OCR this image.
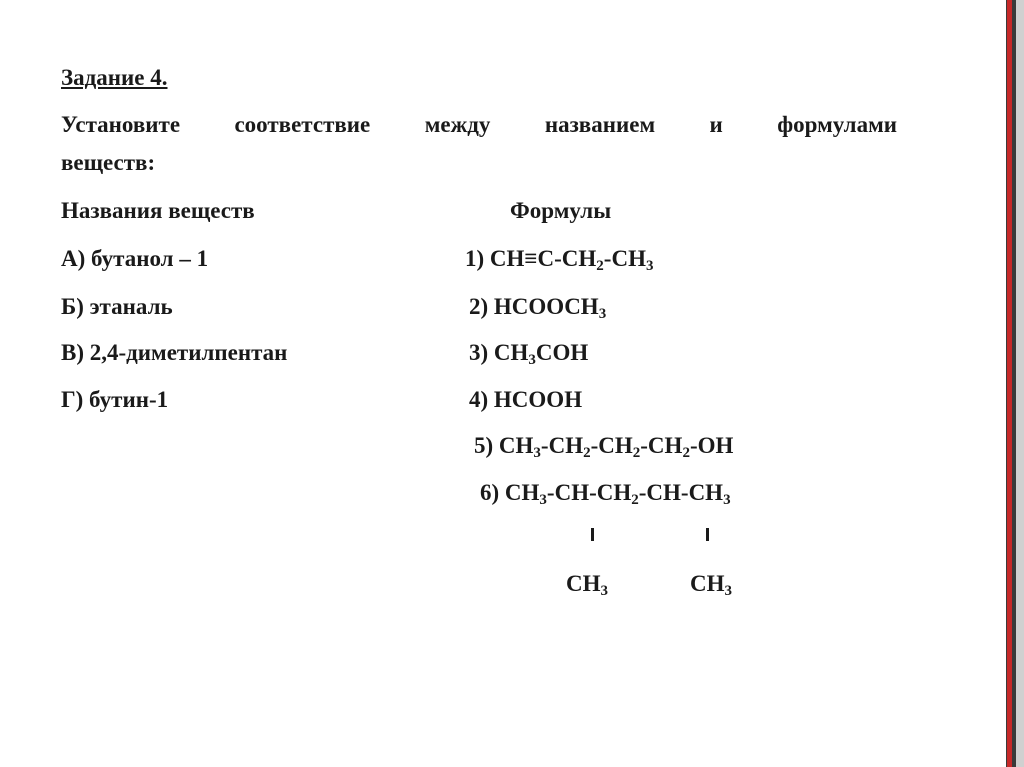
Задание 4.
Установите соответствие между названием и формулами
веществ:
Названия веществ	Формулы
А) бутанол – 1
Б) этаналь
В) 2,4-диметилпентан
Г) бутин-1
1) $CH\equiv C-CH_2-CH_3$
2) $HCOOCH_3$
3) $CH_3COH$
4) HCOOH
5) $CH_3-CH_2-CH_2-CH_2-OH$
6) $CH_3-CH-CH_2-CH-CH_3$
$CH_3$	$CH_3$
